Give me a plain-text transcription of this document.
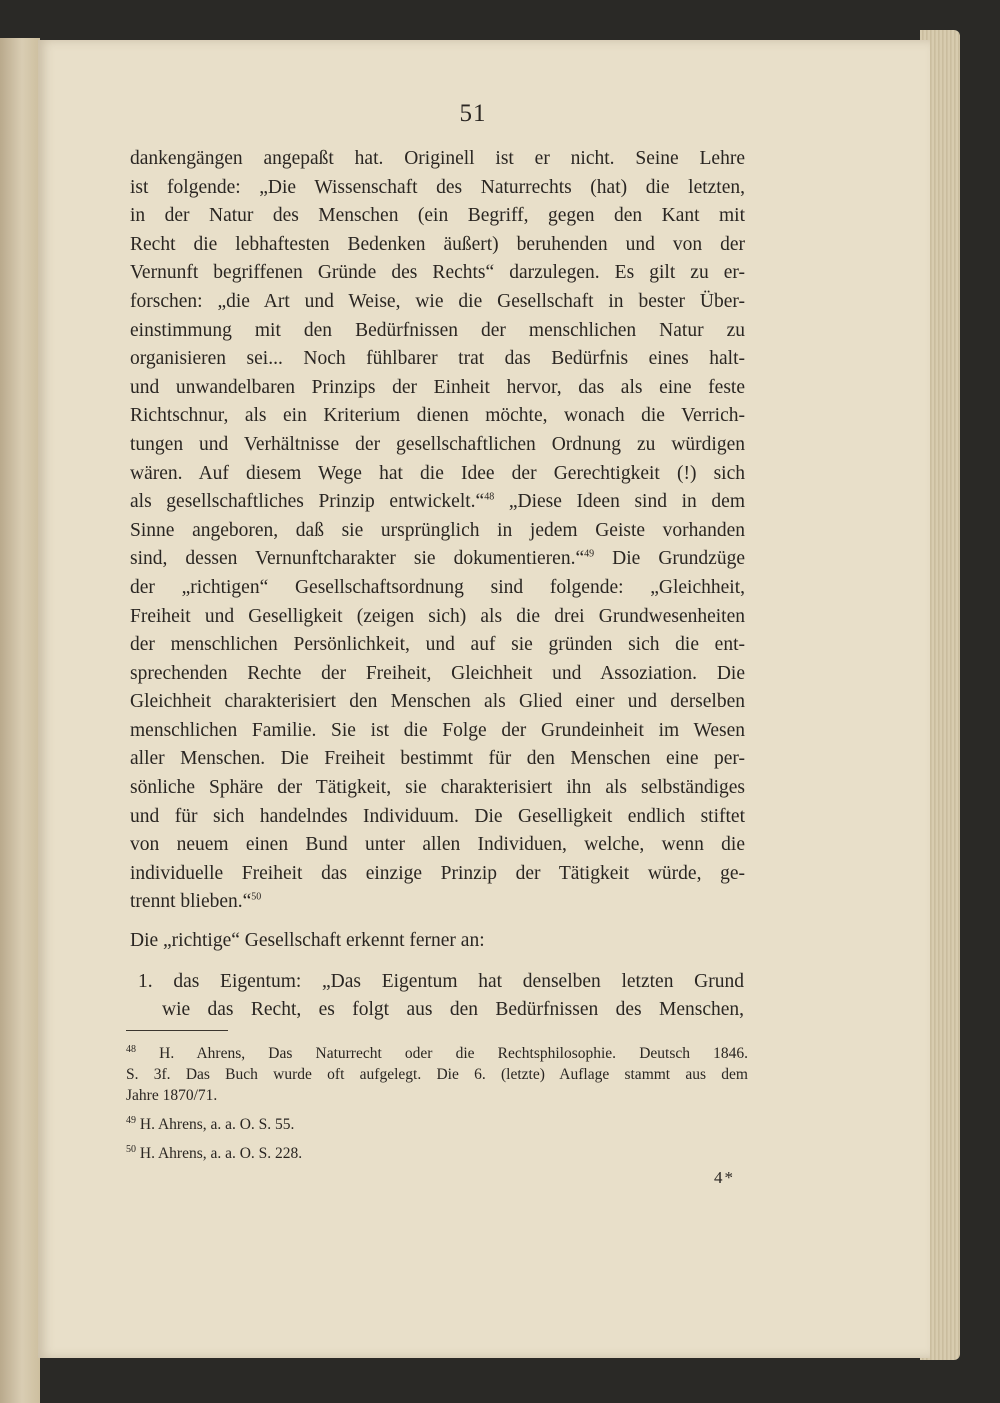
51
dankengängen angepaßt hat. Originell ist er nicht. Seine Lehre
ist folgende: „Die Wissenschaft des Naturrechts (hat) die letzten,
in der Natur des Menschen (ein Begriff, gegen den Kant mit
Recht die lebhaftesten Bedenken äußert) beruhenden und von der
Vernunft begriffenen Gründe des Rechts“ darzulegen. Es gilt zu er-
forschen: „die Art und Weise, wie die Gesellschaft in bester Über-
einstimmung mit den Bedürfnissen der menschlichen Natur zu
organisieren sei... Noch fühlbarer trat das Bedürfnis eines halt-
und unwandelbaren Prinzips der Einheit hervor, das als eine feste
Richtschnur, als ein Kriterium dienen möchte, wonach die Verrich-
tungen und Verhältnisse der gesellschaftlichen Ordnung zu würdigen
wären. Auf diesem Wege hat die Idee der Gerechtigkeit (!) sich
als gesellschaftliches Prinzip entwickelt.“$^{48}$ „Diese Ideen sind in dem
Sinne angeboren, daß sie ursprünglich in jedem Geiste vorhanden
sind, dessen Vernunftcharakter sie dokumentieren.“$^{49}$ Die Grundzüge
der „richtigen“ Gesellschaftsordnung sind folgende: „Gleichheit,
Freiheit und Geselligkeit (zeigen sich) als die drei Grundwesenheiten
der menschlichen Persönlichkeit, und auf sie gründen sich die ent-
sprechenden Rechte der Freiheit, Gleichheit und Assoziation. Die
Gleichheit charakterisiert den Menschen als Glied einer und derselben
menschlichen Familie. Sie ist die Folge der Grundeinheit im Wesen
aller Menschen. Die Freiheit bestimmt für den Menschen eine per-
sönliche Sphäre der Tätigkeit, sie charakterisiert ihn als selbständiges
und für sich handelndes Individuum. Die Geselligkeit endlich stiftet
von neuem einen Bund unter allen Individuen, welche, wenn die
individuelle Freiheit das einzige Prinzip der Tätigkeit würde, ge-
trennt blieben.“$^{50}$
Die „richtige“ Gesellschaft erkennt ferner an:
1. das Eigentum: „Das Eigentum hat denselben letzten Grund
wie das Recht, es folgt aus den Bedürfnissen des Menschen,
$^{48}$ H. Ahrens, Das Naturrecht oder die Rechtsphilosophie. Deutsch 1846.
S. 3f. Das Buch wurde oft aufgelegt. Die 6. (letzte) Auflage stammt aus dem
Jahre 1870/71.
$^{49}$ H. Ahrens, a. a. O. S. 55.
$^{50}$ H. Ahrens, a. a. O. S. 228.
4*
